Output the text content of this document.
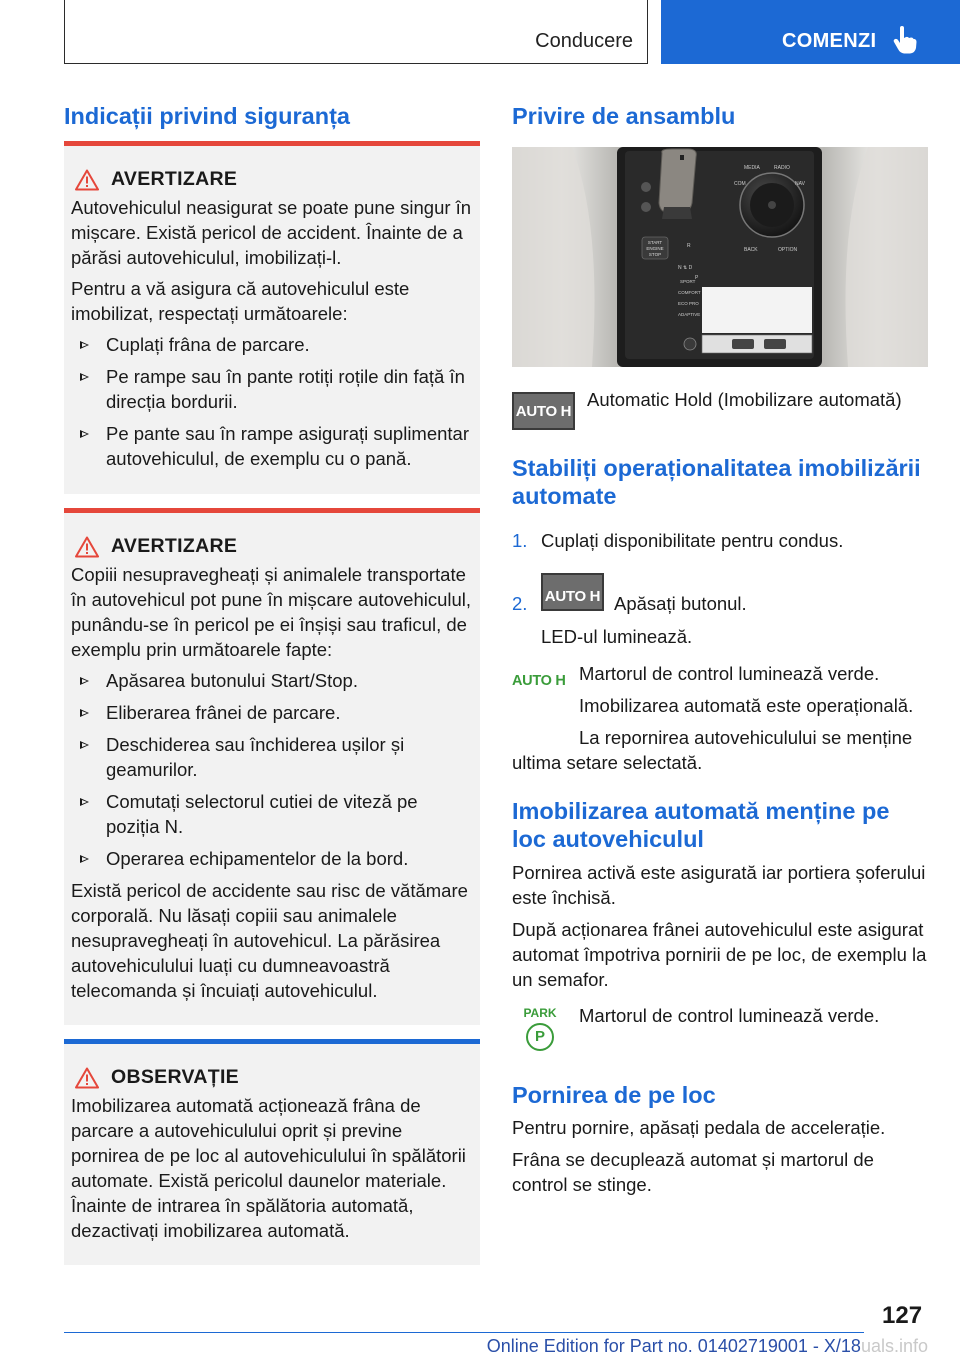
Conducere	COMENZI
Indicații privind siguranța
AVERTIZARE

Autovehiculul neasigurat se poate pune singur în mișcare. Există pericol de accident. Înainte de a părăsi autovehiculul, imobilizați-l.

Pentru a vă asigura că autovehiculul este imobilizat, respectați următoarele:

Cuplați frâna de parcare.
Pe rampe sau în pante rotiți roțile din față în direcția bordurii.
Pe pante sau în rampe asigurați suplimentar autovehiculul, de exemplu cu o pană.
AVERTIZARE

Copiii nesupravegheați și animalele transportate în autovehicul pot pune în mișcare autovehiculul, punându-se în pericol pe ei înșiși sau traficul, de exemplu prin următoarele fapte:

Apăsarea butonului Start/Stop.
Eliberarea frânei de parcare.
Deschiderea sau închiderea ușilor și geamurilor.
Comutați selectorul cutiei de viteză pe poziția N.
Operarea echipamentelor de la bord.

Există pericol de accidente sau risc de vătămare corporală. Nu lăsați copiii sau animalele nesupravegheați în autovehicul. La părăsirea autovehiculului luați cu dumneavoastră telecomanda și încuiați autovehiculul.

OBSERVAȚIE

Imobilizarea automată acționează frâna de parcare a autovehiculului oprit și previne pornirea de pe loc al autovehiculului în spălătorii automate. Există pericolul daunelor materiale. Înainte de intrarea în spălătoria automată, dezactivați imobilizarea automată.

Privire de ansamblu
START
ENGINE
STOP
R
N ⇅ D
P
MEDIA	RADIO
COM	NAV
BACK	OPTION
SPORT
COMFORT
ECO PRO
ADAPTIVE
AUTO H

Automatic Hold (Imobilizare automată)

Stabiliți operaționalitatea imobilizării automate
1. Cuplați disponibilitate pentru condus.
2. AUTO H Apăsați butonul.

LED-ul luminează.

AUTO H Martorul de control luminează verde.

Imobilizarea automată este operațională.

La repornirea autovehiculului se menține ultima setare selectată.

Imobilizarea automată menține pe loc autovehiculul

Pornirea activă este asigurată iar portiera șoferului este închisă.

După acționarea frânei autovehiculul este asigurat automat împotriva pornirii de pe loc, de exemplu la un semafor.

PARK
P

Martorul de control luminează verde.

Pornirea de pe loc

Pentru pornire, apăsați pedala de accelerație.

Frâna se decuplează automat și martorul de control se stinge.

127
Online Edition for Part no. 01402719001 - X/18uals.info
